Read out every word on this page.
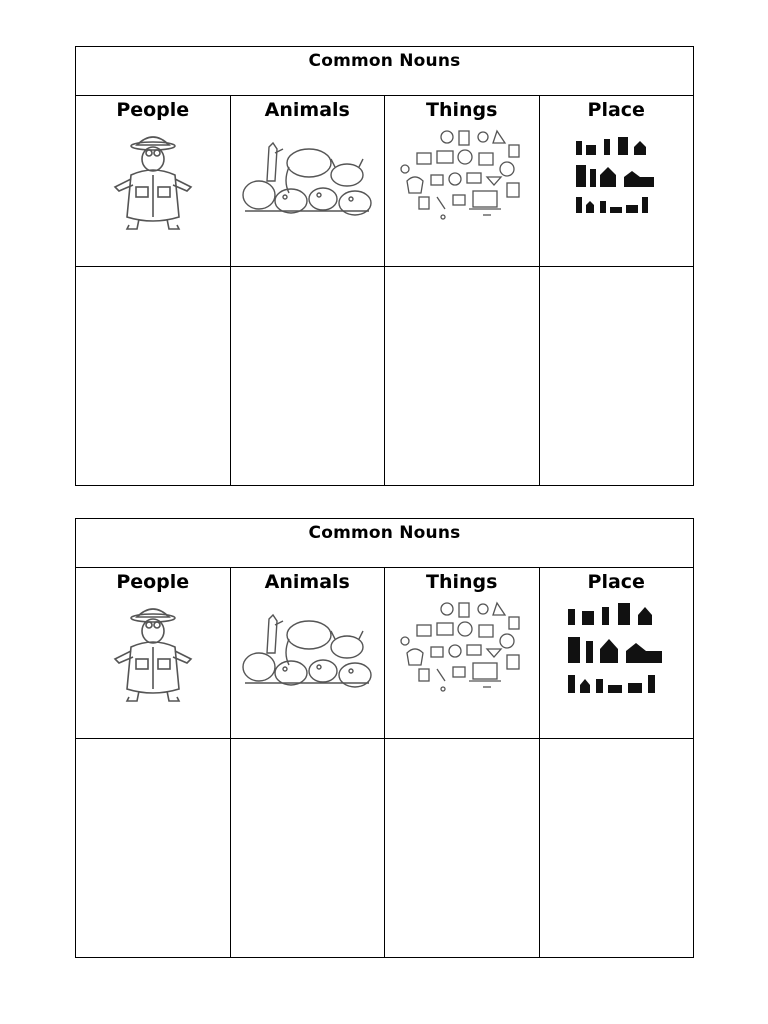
Common Nouns			

People	Animals	Things	Place

Common Nouns			

People	Animals	Things	Place
